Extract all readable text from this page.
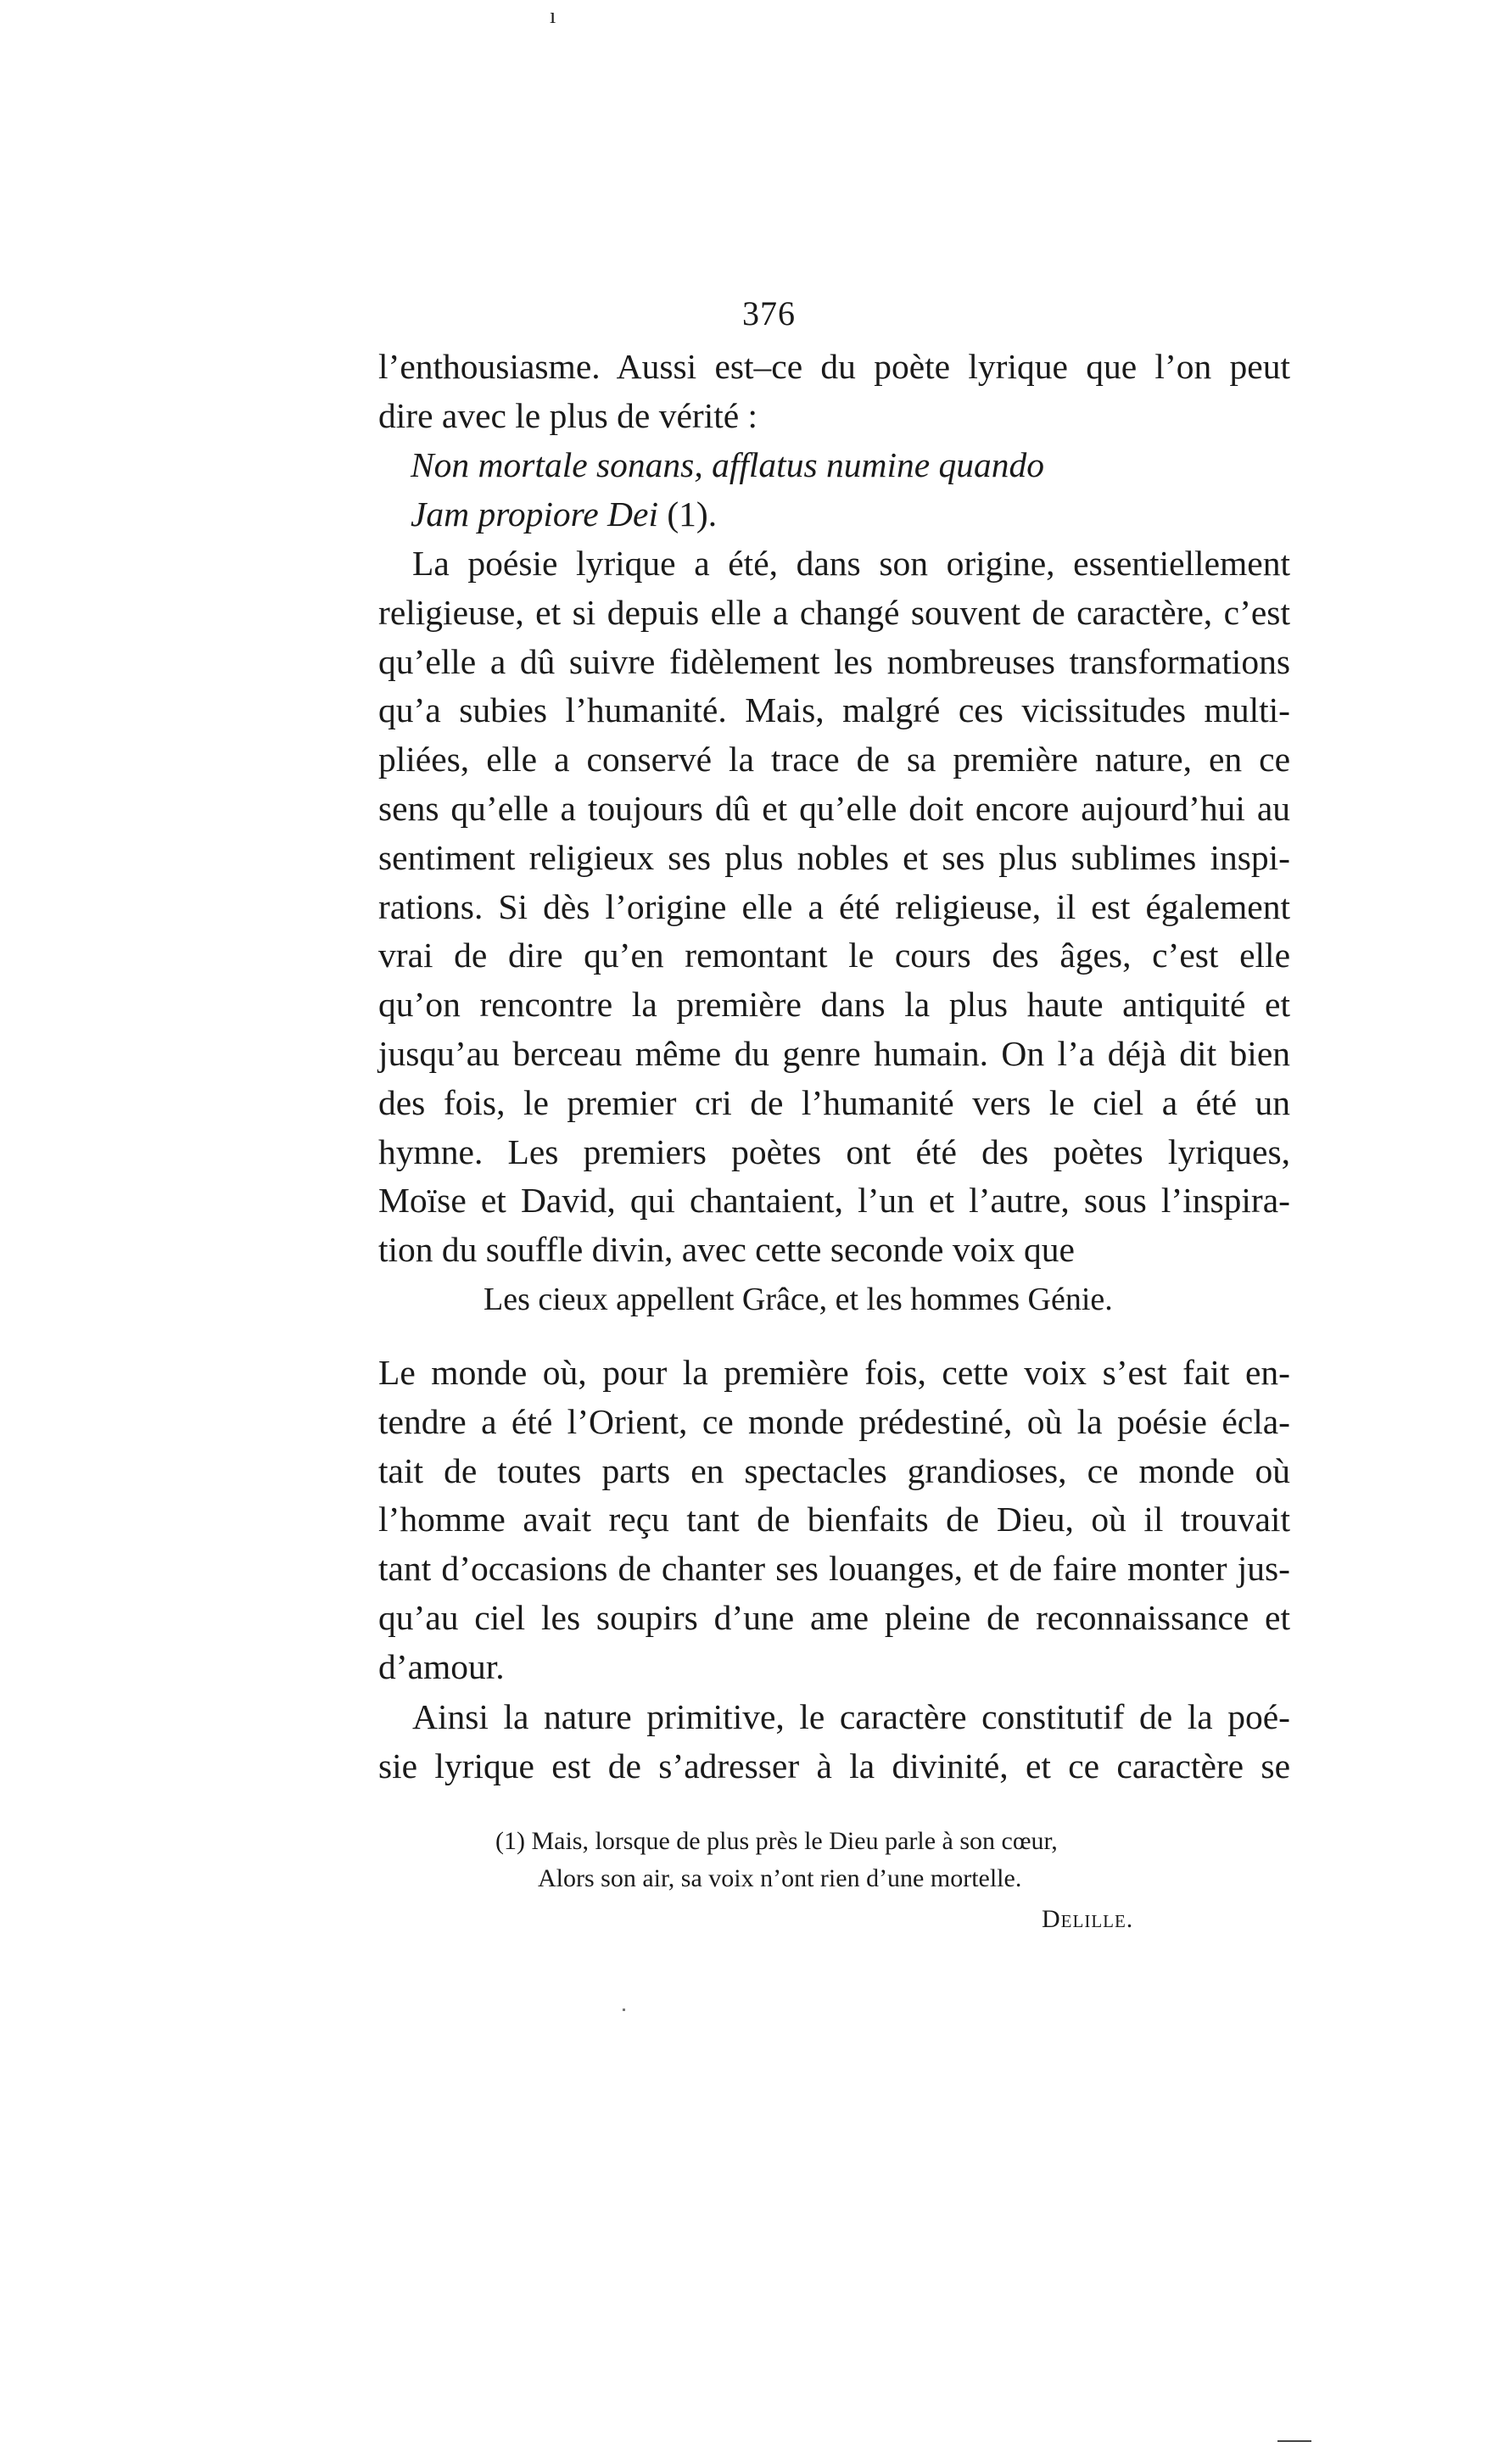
ı
376
l’enthousiasme. Aussi est–ce du poète lyrique que l’on peut
dire avec le plus de vérité :
Non mortale sonans, afflatus numine quando
Jam propiore Dei (1).
La poésie lyrique a été, dans son origine, essentiellement
religieuse, et si depuis elle a changé souvent de caractère, c’est
qu’elle a dû suivre fidèlement les nombreuses transformations
qu’a subies l’humanité. Mais, malgré ces vicissitudes multi-
pliées, elle a conservé la trace de sa première nature, en ce
sens qu’elle a toujours dû et qu’elle doit encore aujourd’hui au
sentiment religieux ses plus nobles et ses plus sublimes inspi-
rations. Si dès l’origine elle a été religieuse, il est également
vrai de dire qu’en remontant le cours des âges, c’est elle
qu’on rencontre la première dans la plus haute antiquité et
jusqu’au berceau même du genre humain. On l’a déjà dit bien
des fois, le premier cri de l’humanité vers le ciel a été un
hymne. Les premiers poètes ont été des poètes lyriques,
Moïse et David, qui chantaient, l’un et l’autre, sous l’inspira-
tion du souffle divin, avec cette seconde voix que
Les cieux appellent Grâce, et les hommes Génie.
Le monde où, pour la première fois, cette voix s’est fait en-
tendre a été l’Orient, ce monde prédestiné, où la poésie écla-
tait de toutes parts en spectacles grandioses, ce monde où
l’homme avait reçu tant de bienfaits de Dieu, où il trouvait
tant d’occasions de chanter ses louanges, et de faire monter jus-
qu’au ciel les soupirs d’une ame pleine de reconnaissance et
d’amour.
Ainsi la nature primitive, le caractère constitutif de la poé-
sie lyrique est de s’adresser à la divinité, et ce caractère se
(1) Mais, lorsque de plus près le Dieu parle à son cœur,
Alors son air, sa voix n’ont rien d’une mortelle.
Delille.
